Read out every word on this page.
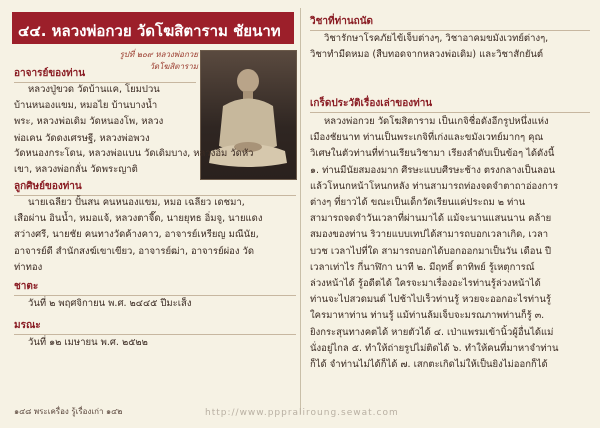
๔๔. หลวงพ่อกวย วัดโฆสิตาราม ชัยนาท
รูปที่ ๒๐๙ หลวงพ่อกวย
วัดโฆสิตาราม
อาจารย์ของท่าน
หลวงปู่ขวด วัดบ้านแค, โยมปวน
บ้านหนองแขม, หมอไย บ้านบางน้ำ
พระ, หลวงพ่อเดิม วัดหนองโพ, หลวง
พ่อเคน วัดดงเศรษฐี, หลวงพ่อพวง
วัดหนองกระโดน, หลวงพ่อแบน วัดเดิมบาง, หลวงอิ่ม วัดหัว
เขา, หลวงพ่อกลั่น วัดพระญาติ
ลูกศิษย์ของท่าน
นายเฉลียว ปั้นสน คนหนองแขม, หมอ เฉลียว เดชมา,
เสือผ่าน อินน้ำ, หมอแจ้, หลวงตาจี๊ด, นายยุทธ อิ่มจู, นายแดง
สว่างศรี, นายชัย คนทางวัดค้างคาว, อาจารย์เหรียญ มณีนัย,
อาจารย์ดี สำนักสงฆ์เขาเขียว, อาจารย์ฒ่า, อาจารย์ผ่อง วัด
ท่าทอง
ชาตะ
วันที่ ๒ พฤศจิกายน พ.ศ. ๒๔๔๕ ปีมะเส็ง
มรณะ
วันที่ ๑๒ เมษายน พ.ศ. ๒๕๒๒
วิชาที่ท่านถนัด
วิชารักษาโรคภัยไข้เจ็บต่างๆ, วิชาอาคมขมังเวทย์ต่างๆ,
วิชาทำมีดหมอ (สืบทอดจากหลวงพ่อเดิม) และวิชาสักยันต์
เกร็ดประวัติเรื่องเล่าของท่าน
หลวงพ่อกวย วัดโฆสิตาราม เป็นเกจิชื่อดังอีกรูปหนึ่งแห่ง
เมืองชัยนาท ท่านเป็นพระเกจิที่เก่งและขมังเวทย์มากๆ คุณ
วิเศษในตัวท่านที่ท่านเรียนวิชามา เรียงลำดับเป็นข้อๆ ได้ดังนี้
๑. ท่านมีนัยสมองมาก ศีรษะแบบศีรษะช้าง ตรงกลางเป็นลอน
แล้วโหนกหน้าโหนกหลัง ท่านสามารถท่องจดจำตาถาอ่องการ
ต่างๆ ที่ยาวได้ ขณะเป็นเด็กวัดเรียนแค่ประถม ๒ ท่าน
สามารถจดจำวันเวลาที่ผ่านมาได้ แม้จะนานแสนนาน คล้าย
สมองของท่าน ริวายแบบเทปได้สามารถบอกเวลาเกิด, เวลา
บวช เวลาไปที่ใด สามารถบอกได้บอกออกมาเป็นวัน เดือน ปี
เวลาเท่าไร กี่นาฬิกา นาที ๒. มีฤทธิ์ ตาทิพย์ รู้เหตุการณ์
ล่วงหน้าได้ รู้อดีตได้ ใครจะมาเรื่องอะไรท่านรู้ล่วงหน้าได้
ท่านจะไปสวดมนต์ ไปช้าไปเร็วท่านรู้ หวยจะออกอะไรท่านรู้
ใครมาหาท่าน ท่านรู้ แม้ท่านล้มเจ็บจะมรณภาพท่านก็รู้ ๓.
ยิงกระสุนทางคตได้ หายตัวได้ ๔. เป่าแพรมเข้านิ้วผู้อื่นได้แม่
นั่งอยู่ไกล ๕. ทำให้ถ่ายรูปไม่ติดได้ ๖. ทำให้คนที่มาหาจำท่าน
ก็ได้ จำท่านไม่ได้ก็ได้ ๗. เสกตะเกิดไม่ให้เป็นยิงไม่ออกก็ได้
๑๔๘ พระเครื่อง รู้เรื่องเก่า ๑๔๒	http://www.pppraliroung.sewat.com
